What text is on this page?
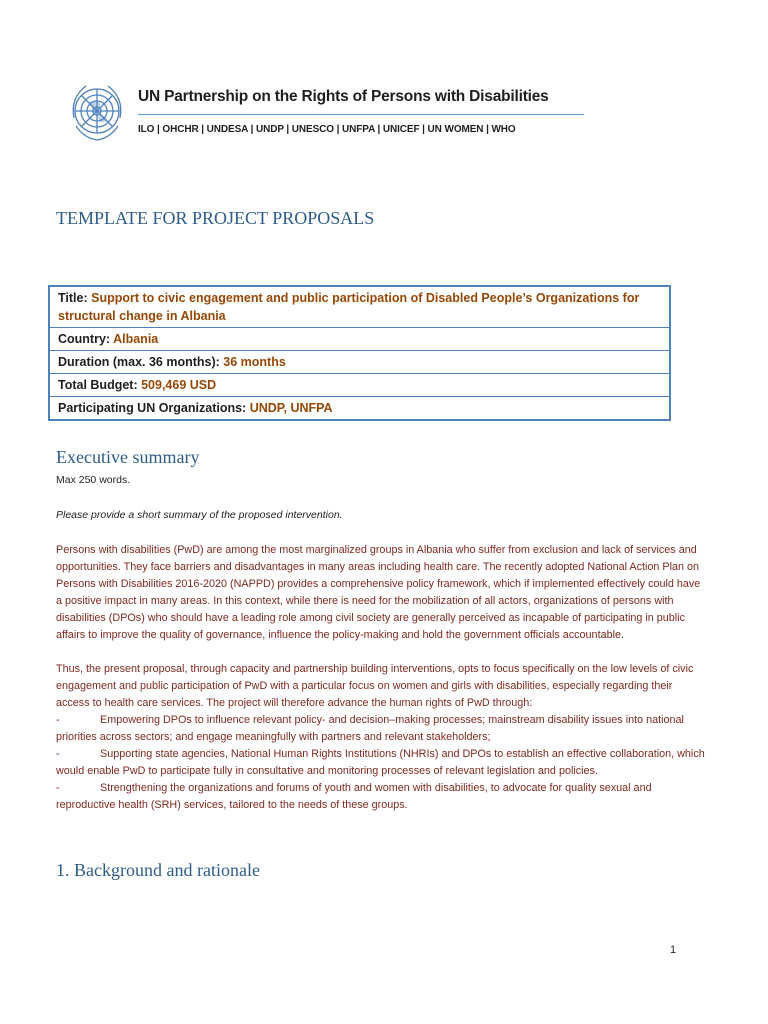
UN Partnership on the Rights of Persons with Disabilities
ILO | OHCHR | UNDESA | UNDP | UNESCO | UNFPA | UNICEF | UN WOMEN | WHO
TEMPLATE FOR PROJECT PROPOSALS
Title: Support to civic engagement and public participation of Disabled People’s Organizations for structural change in Albania
Country: Albania
Duration (max. 36 months): 36 months
Total Budget: 509,469 USD
Participating UN Organizations: UNDP, UNFPA
Executive summary
Max 250 words.
Please provide a short summary of the proposed intervention.

Persons with disabilities (PwD) are among the most marginalized groups in Albania who suffer from exclusion and lack of services and opportunities. They face barriers and disadvantages in many areas including health care. The recently adopted National Action Plan on Persons with Disabilities 2016-2020 (NAPPD) provides a comprehensive policy framework, which if implemented effectively could have a positive impact in many areas. In this context, while there is need for the mobilization of all actors, organizations of persons with disabilities (DPOs) who should have a leading role among civil society are generally perceived as incapable of participating in public affairs to improve the quality of governance, influence the policy-making and hold the government officials accountable.

Thus, the present proposal, through capacity and partnership building interventions, opts to focus specifically on the low levels of civic engagement and public participation of PwD with a particular focus on women and girls with disabilities, especially regarding their access to health care services. The project will therefore advance the human rights of PwD through:

-	Empowering DPOs to influence relevant policy- and decision–making processes; mainstream disability issues into national priorities across sectors; and engage meaningfully with partners and relevant stakeholders;

-	Supporting state agencies, National Human Rights Institutions (NHRIs) and DPOs to establish an effective collaboration, which would enable PwD to participate fully in consultative and monitoring processes of relevant legislation and policies.

-	Strengthening the organizations and forums of youth and women with disabilities, to advocate for quality sexual and reproductive health (SRH) services, tailored to the needs of these groups.

1. Background and rationale
1
